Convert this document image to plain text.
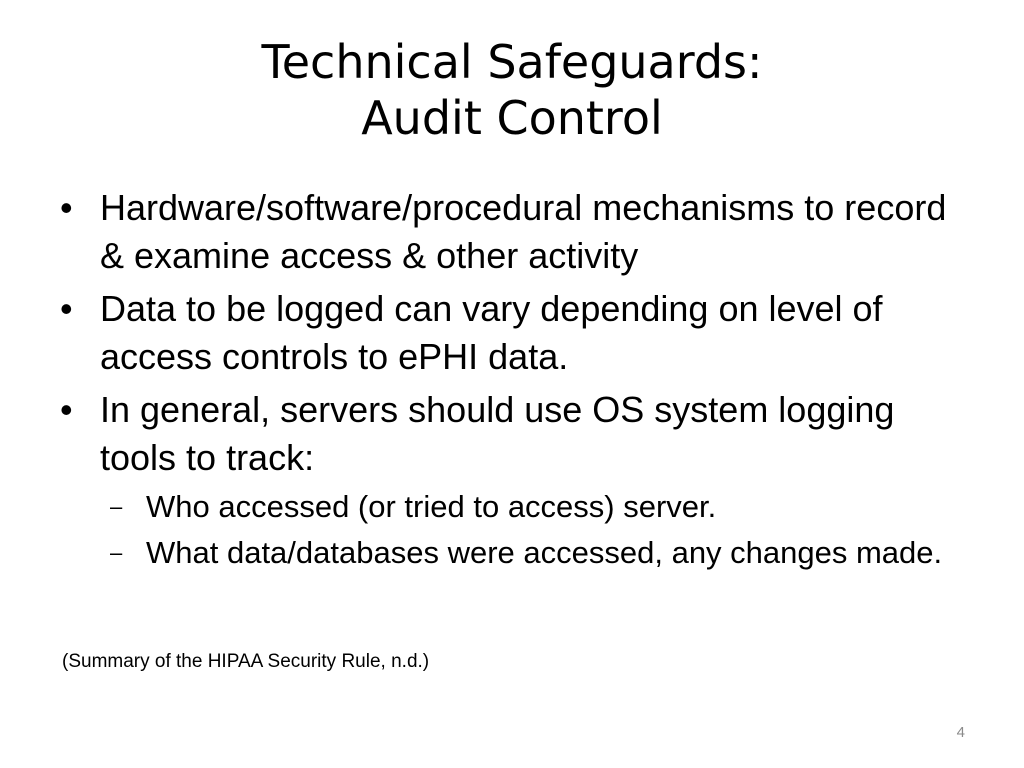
Technical Safeguards:
Audit Control
• Hardware/software/procedural mechanisms to record & examine access & other activity
• Data to be logged can vary depending on level of access controls to ePHI data.
• In general, servers should use OS system logging tools to track:
– Who accessed (or tried to access) server.
– What data/databases were accessed, any changes made.
(Summary of the HIPAA Security Rule, n.d.)
4
